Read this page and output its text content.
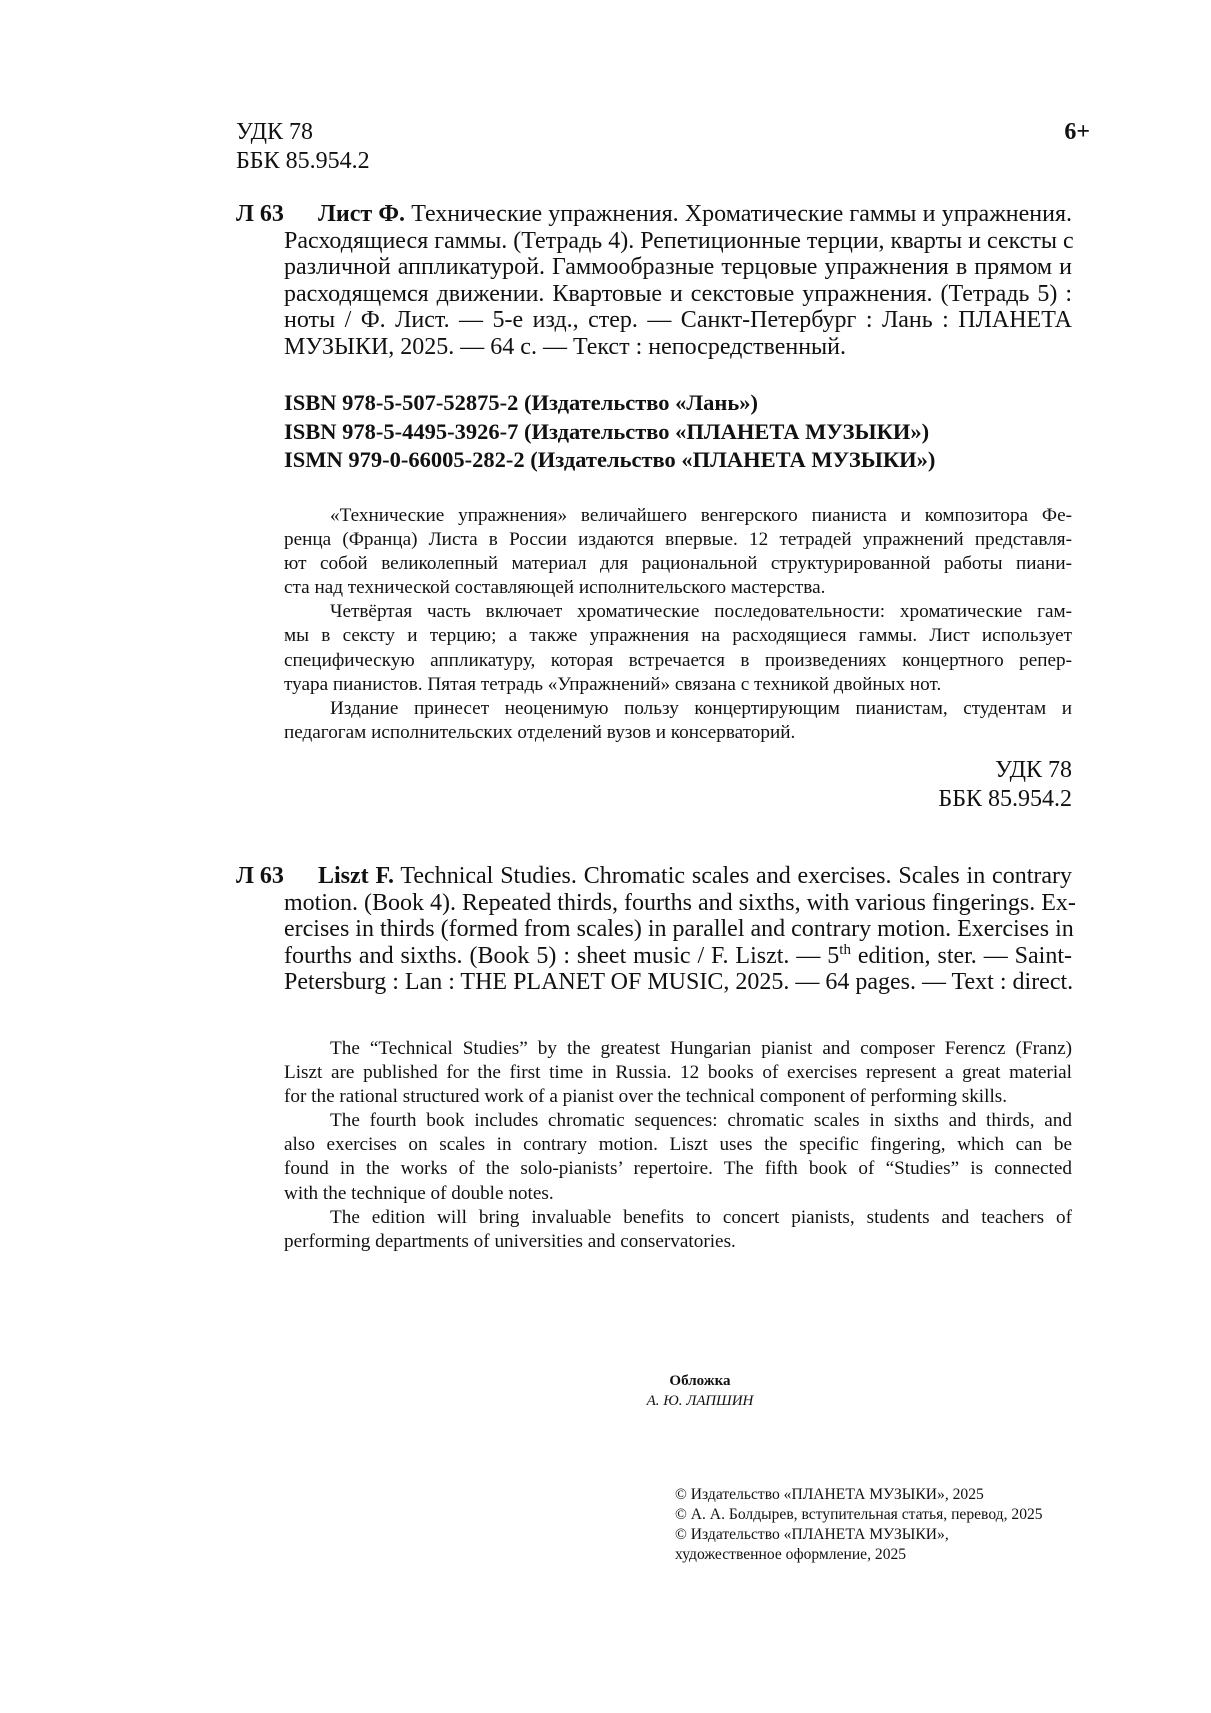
УДК 78
ББК 85.954.2
6+
Л 63	Лист Ф. Технические упражнения. Хроматические гаммы и упражнения.
Расходящиеся гаммы. (Тетрадь 4). Репетиционные терции, кварты и сексты с
различной аппликатурой. Гаммообразные терцовые упражнения в прямом и
расходящемся движении. Квартовые и секстовые упражнения. (Тетрадь 5) :
ноты / Ф. Лист. — 5-е изд., стер. — Санкт-Петербург : Лань : ПЛАНЕТА
МУЗЫКИ, 2025. — 64 с. — Текст : непосредственный.
ISBN 978-5-507-52875-2 (Издательство «Лань»)
ISBN 978-5-4495-3926-7 (Издательство «ПЛАНЕТА МУЗЫКИ»)
ISMN 979-0-66005-282-2 (Издательство «ПЛАНЕТА МУЗЫКИ»)
«Технические упражнения» величайшего венгерского пианиста и композитора Фе-
ренца (Франца) Листа в России издаются впервые. 12 тетрадей упражнений представля-
ют собой великолепный материал для рациональной структурированной работы пиани-
ста над технической составляющей исполнительского мастерства.
Четвёртая часть включает хроматические последовательности: хроматические гам-
мы в сексту и терцию; а также упражнения на расходящиеся гаммы. Лист использует
специфическую аппликатуру, которая встречается в произведениях концертного репер-
туара пианистов. Пятая тетрадь «Упражнений» связана с техникой двойных нот.
Издание принесет неоценимую пользу концертирующим пианистам, студентам и
педагогам исполнительских отделений вузов и консерваторий.
УДК 78
ББК 85.954.2
Л 63	Liszt F. Technical Studies. Chromatic scales and exercises. Scales in contrary
motion. (Book 4). Repeated thirds, fourths and sixths, with various fingerings. Ex-
ercises in thirds (formed from scales) in parallel and contrary motion. Exercises in
fourths and sixths. (Book 5) : sheet music / F. Liszt. — 5th edition, ster. — Saint-
Petersburg : Lan : THE PLANET OF MUSIC, 2025. — 64 pages. — Text : direct.
The “Technical Studies” by the greatest Hungarian pianist and composer Ferencz (Franz)
Liszt are published for the first time in Russia. 12 books of exercises represent a great material
for the rational structured work of a pianist over the technical component of performing skills.
The fourth book includes chromatic sequences: chromatic scales in sixths and thirds, and
also exercises on scales in contrary motion. Liszt uses the specific fingering, which can be
found in the works of the solo-pianists’ repertoire. The fifth book of “Studies” is connected
with the technique of double notes.
The edition will bring invaluable benefits to concert pianists, students and teachers of
performing departments of universities and conservatories.
Обложка
А. Ю. ЛАПШИН
© Издательство «ПЛАНЕТА МУЗЫКИ», 2025
© А. А. Болдырев, вступительная статья, перевод, 2025
© Издательство «ПЛАНЕТА МУЗЫКИ»,
художественное оформление, 2025
